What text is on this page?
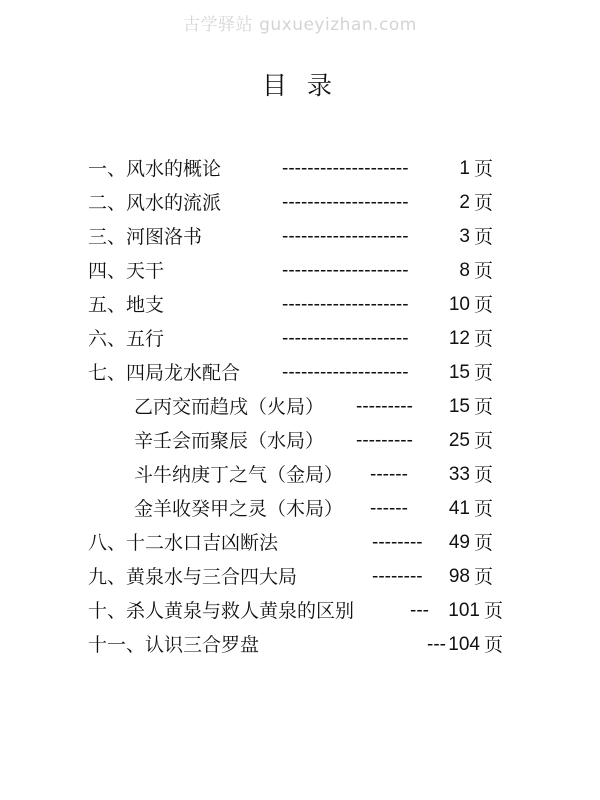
古学驿站 guxueyizhan.com
目录
一、风水的概论	--------------------	1 页
二、风水的流派	--------------------	2 页
三、河图洛书	--------------------	3 页
四、天干	--------------------	8 页
五、地支	-------------------- 10 页
六、五行	-------------------- 12 页
七、四局龙水配合 -------------------- 15 页
乙丙交而趋戌（火局） --------- 15 页
辛壬会而聚辰（水局） --------- 25 页
斗牛纳庚丁之气（金局） ------ 33 页
金羊收癸甲之灵（木局） ------ 41 页
八、十二水口吉凶断法	-------- 49 页
九、黄泉水与三合四大局	-------- 98 页
十、杀人黄泉与救人黄泉的区别	--- 101 页
十一、认识三合罗盘	--- 104 页
